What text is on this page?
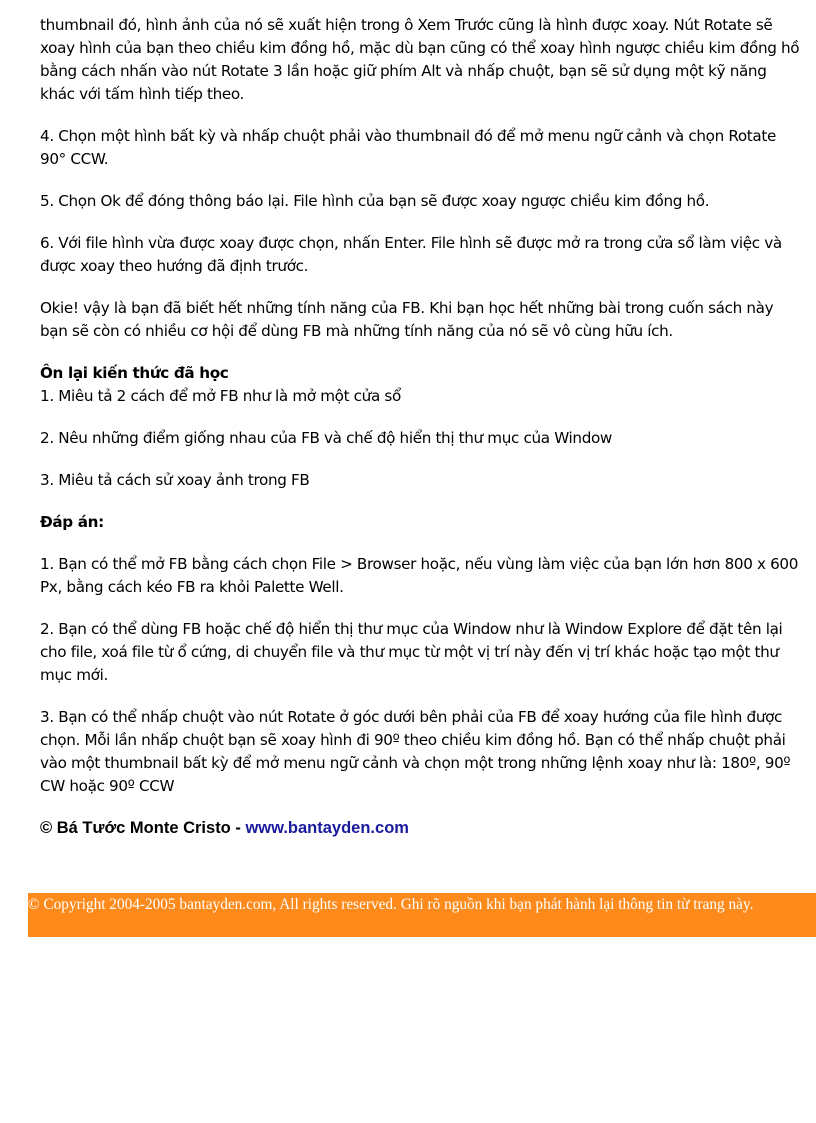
thumbnail đó, hình ảnh của nó sẽ xuất hiện trong ô Xem Trước cũng là hình được xoay. Nút Rotate sẽ xoay hình của bạn theo chiều kim đồng hồ, mặc dù bạn cũng có thể xoay hình ngược chiều kim đồng hồ bằng cách nhấn vào nút Rotate 3 lần hoặc giữ phím Alt và nhấp chuột, bạn sẽ sử dụng một kỹ năng khác với tấm hình tiếp theo.

4. Chọn một hình bất kỳ và nhấp chuột phải vào thumbnail đó để mở menu ngữ cảnh và chọn Rotate 90° CCW.

5. Chọn Ok để đóng thông báo lại. File hình của bạn sẽ được xoay ngược chiều kim đồng hồ.

6. Với file hình vừa được xoay được chọn, nhấn Enter. File hình sẽ được mở ra trong cửa sổ làm việc và được xoay theo hướng đã định trước.

Okie! vậy là bạn đã biết hết những tính năng của FB. Khi bạn học hết những bài trong cuốn sách này bạn sẽ còn có nhiều cơ hội để dùng FB mà những tính năng của nó sẽ vô cùng hữu ích.

Ôn lại kiến thức đã học

1. Miêu tả 2 cách để mở FB như là mở một cửa sổ

2. Nêu những điểm giống nhau của FB và chế độ hiển thị thư mục của Window

3. Miêu tả cách sử xoay ảnh trong FB

Đáp án:

1. Bạn có thể mở FB bằng cách chọn File > Browser hoặc, nếu vùng làm việc của bạn lớn hơn 800 x 600 Px, bằng cách kéo FB ra khỏi Palette Well.

2. Bạn có thể dùng FB hoặc chế độ hiển thị thư mục của Window như là Window Explore để đặt tên lại cho file, xoá file từ ổ cứng, di chuyển file và thư mục từ một vị trí này đến vị trí khác hoặc tạo một thư mục mới.

3. Bạn có thể nhấp chuột vào nút Rotate ở góc dưới bên phải của FB để xoay hướng của file hình được chọn. Mỗi lần nhấp chuột bạn sẽ xoay hình đi 90º theo chiều kim đồng hồ. Bạn có thể nhấp chuột phải vào một thumbnail bất kỳ để mở menu ngữ cảnh và chọn một trong những lệnh xoay như là: 180º, 90º CW hoặc 90º CCW

© Bá Tước Monte Cristo - www.bantayden.com

© Copyright 2004-2005 bantayden.com, All rights reserved. Ghi rõ nguồn khi bạn phát hành lại thông tin từ trang này.
